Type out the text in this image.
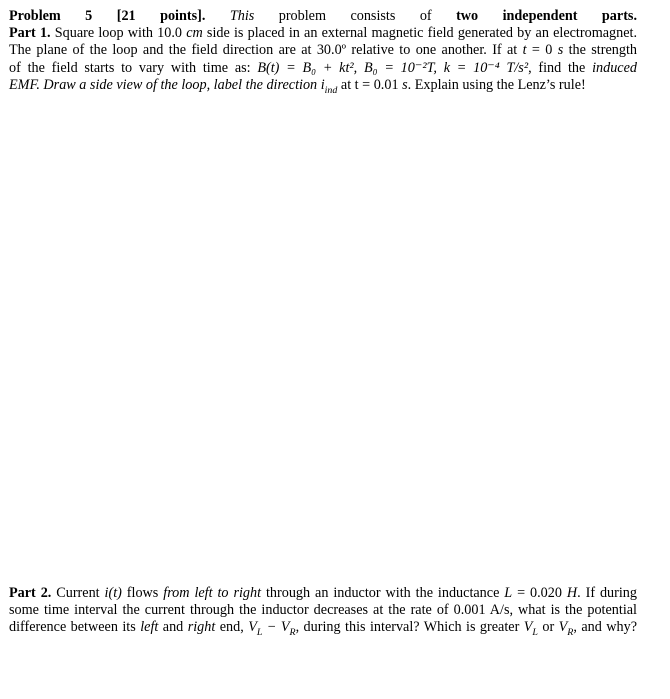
Problem 5 [21 points]. This problem consists of two independent parts.
Part 1. Square loop with 10.0 cm side is placed in an external magnetic field generated by an electromagnet.
The plane of the loop and the field direction are at 30.0º relative to one another. If at t = 0 s the strength
of the field starts to vary with time as: B(t) = B₀ + kt², B₀ = 10⁻²T, k = 10⁻⁴ T/s², find the induced
EMF. Draw a side view of the loop, label the direction $i_{ind}$ at t = 0.01 s. Explain using the Lenz’s rule!
Part 2. Current i(t) flows from left to right through an inductor with the inductance L = 0.020 H. If during
some time interval the current through the inductor decreases at the rate of 0.001 A/s, what is the potential
difference between its left and right end, $V_L - V_R$, during this interval? Which is greater $V_L$ or $V_R$, and why?
